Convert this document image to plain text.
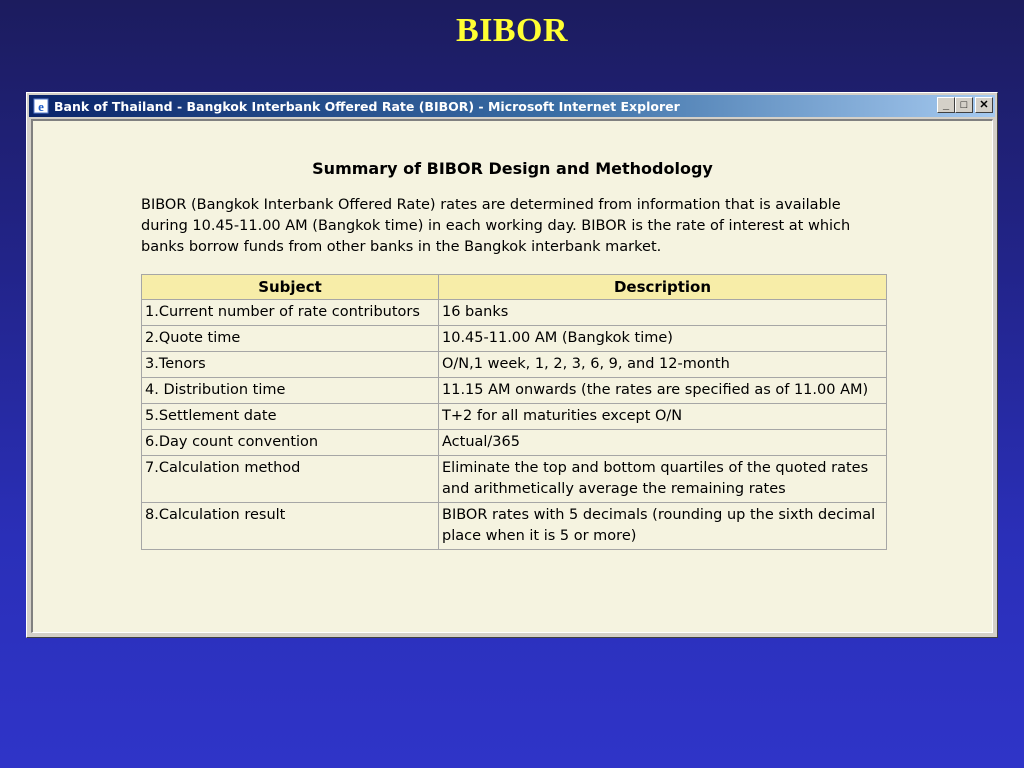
BIBOR
e Bank of Thailand - Bangkok Interbank Offered Rate (BIBOR) - Microsoft Internet Explorer	_	□	✕
Summary of BIBOR Design and Methodology
BIBOR (Bangkok Interbank Offered Rate) rates are determined from information that is available during 10.45-11.00 AM (Bangkok time) in each working day. BIBOR is the rate of interest at which banks borrow funds from other banks in the Bangkok interbank market.
Subject	Description
1.Current number of rate contributors	16 banks
2.Quote time	10.45-11.00 AM (Bangkok time)
3.Tenors	O/N,1 week, 1, 2, 3, 6, 9, and 12-month
4. Distribution time	11.15 AM onwards (the rates are specified as of 11.00 AM)
5.Settlement date	T+2 for all maturities except O/N
6.Day count convention	Actual/365
7.Calculation method	Eliminate the top and bottom quartiles of the quoted rates and arithmetically average the remaining rates
8.Calculation result	BIBOR rates with 5 decimals (rounding up the sixth decimal place when it is 5 or more)
